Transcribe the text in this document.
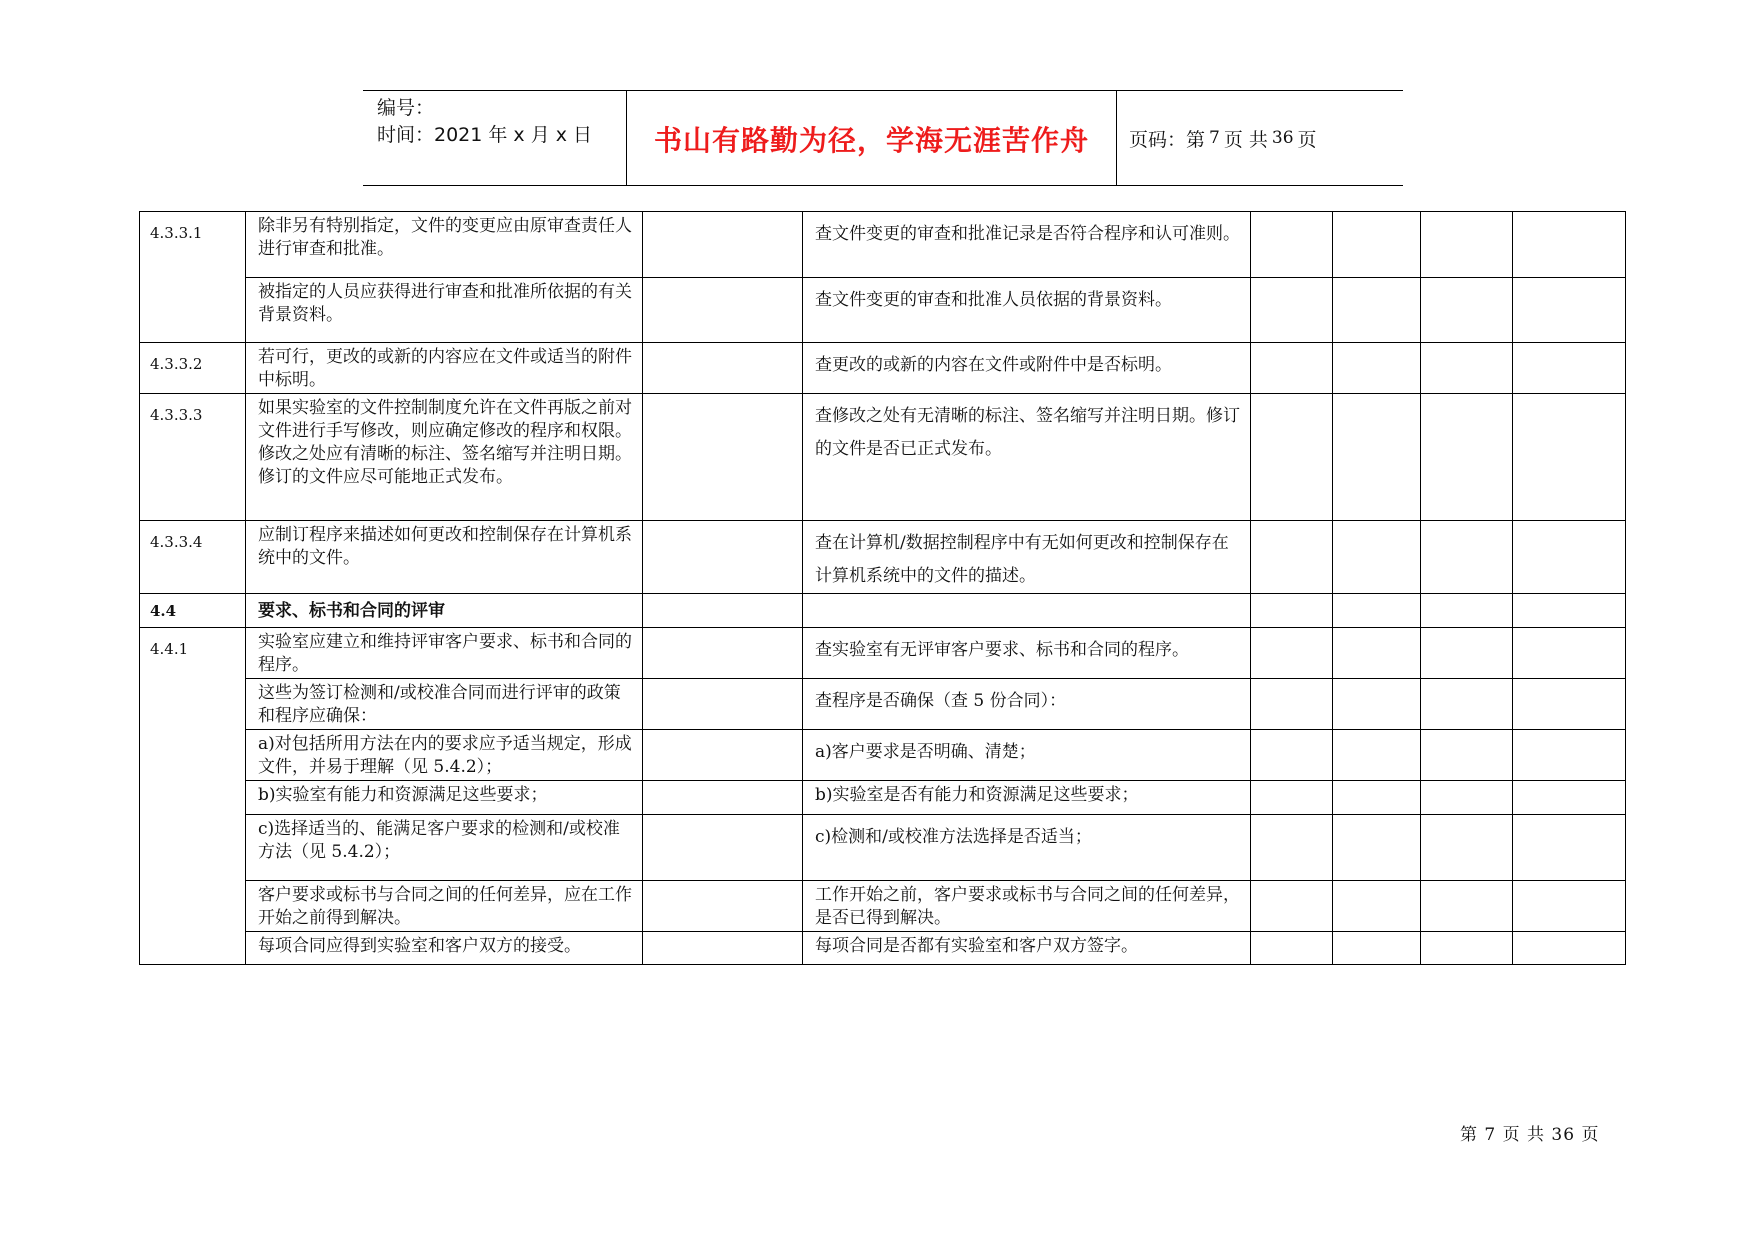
编号：
时间：2021 年 x 月 x 日	书山有路勤为径，学海无涯苦作舟	页码：第 7 页 共 36 页
4.3.3.1	除非另有特别指定，文件的变更应由原审查责任人进行审查和批准。		查文件变更的审查和批准记录是否符合程序和认可准则。				
	被指定的人员应获得进行审查和批准所依据的有关背景资料。		查文件变更的审查和批准人员依据的背景资料。				
4.3.3.2	若可行，更改的或新的内容应在文件或适当的附件中标明。		查更改的或新的内容在文件或附件中是否标明。				
4.3.3.3	如果实验室的文件控制制度允许在文件再版之前对文件进行手写修改，则应确定修改的程序和权限。修改之处应有清晰的标注、签名缩写并注明日期。修订的文件应尽可能地正式发布。		查修改之处有无清晰的标注、签名缩写并注明日期。修订的文件是否已正式发布。				
4.3.3.4	应制订程序来描述如何更改和控制保存在计算机系统中的文件。		查在计算机/数据控制程序中有无如何更改和控制保存在计算机系统中的文件的描述。				
4.4	要求、标书和合同的评审						
4.4.1	实验室应建立和维持评审客户要求、标书和合同的程序。		查实验室有无评审客户要求、标书和合同的程序。				
	这些为签订检测和/或校准合同而进行评审的政策和程序应确保：		查程序是否确保（查 5 份合同）：				
	a)对包括所用方法在内的要求应予适当规定，形成文件，并易于理解（见 5.4.2）；		a)客户要求是否明确、清楚；				
	b)实验室有能力和资源满足这些要求；		b)实验室是否有能力和资源满足这些要求；				
	c)选择适当的、能满足客户要求的检测和/或校准方法（见 5.4.2）；		c)检测和/或校准方法选择是否适当；				
	客户要求或标书与合同之间的任何差异，应在工作开始之前得到解决。		工作开始之前，客户要求或标书与合同之间的任何差异，是否已得到解决。				
	每项合同应得到实验室和客户双方的接受。		每项合同是否都有实验室和客户双方签字。				
第 7 页 共 36 页
